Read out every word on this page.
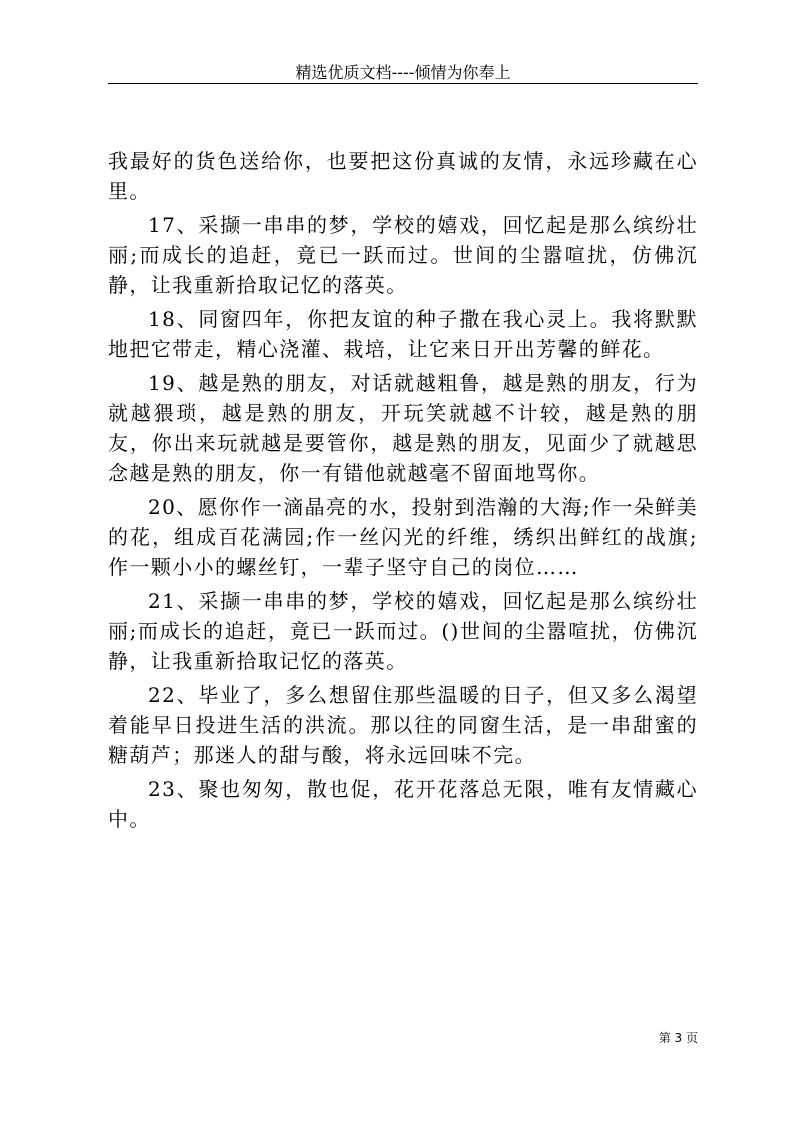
精选优质文档----倾情为你奉上

我最好的货色送给你，也要把这份真诚的友情，永远珍藏在心里。

17、采撷一串串的梦，学校的嬉戏，回忆起是那么缤纷壮丽;而成长的追赶，竟已一跃而过。世间的尘嚣喧扰，仿佛沉静，让我重新拾取记忆的落英。

18、同窗四年，你把友谊的种子撒在我心灵上。我将默默地把它带走，精心浇灌、栽培，让它来日开出芳馨的鲜花。

19、越是熟的朋友，对话就越粗鲁，越是熟的朋友，行为就越猥琐，越是熟的朋友，开玩笑就越不计较，越是熟的朋友，你出来玩就越是要管你，越是熟的朋友，见面少了就越思念越是熟的朋友，你一有错他就越毫不留面地骂你。

20、愿你作一滴晶亮的水，投射到浩瀚的大海;作一朵鲜美的花，组成百花满园;作一丝闪光的纤维，绣织出鲜红的战旗;作一颗小小的螺丝钉，一辈子坚守自己的岗位……

21、采撷一串串的梦，学校的嬉戏，回忆起是那么缤纷壮丽;而成长的追赶，竟已一跃而过。()世间的尘嚣喧扰，仿佛沉静，让我重新拾取记忆的落英。

22、毕业了，多么想留住那些温暖的日子，但又多么渴望着能早日投进生活的洪流。那以往的同窗生活，是一串甜蜜的糖葫芦；那迷人的甜与酸，将永远回味不完。

23、聚也匆匆，散也促，花开花落总无限，唯有友情藏心中。

第 3 页
